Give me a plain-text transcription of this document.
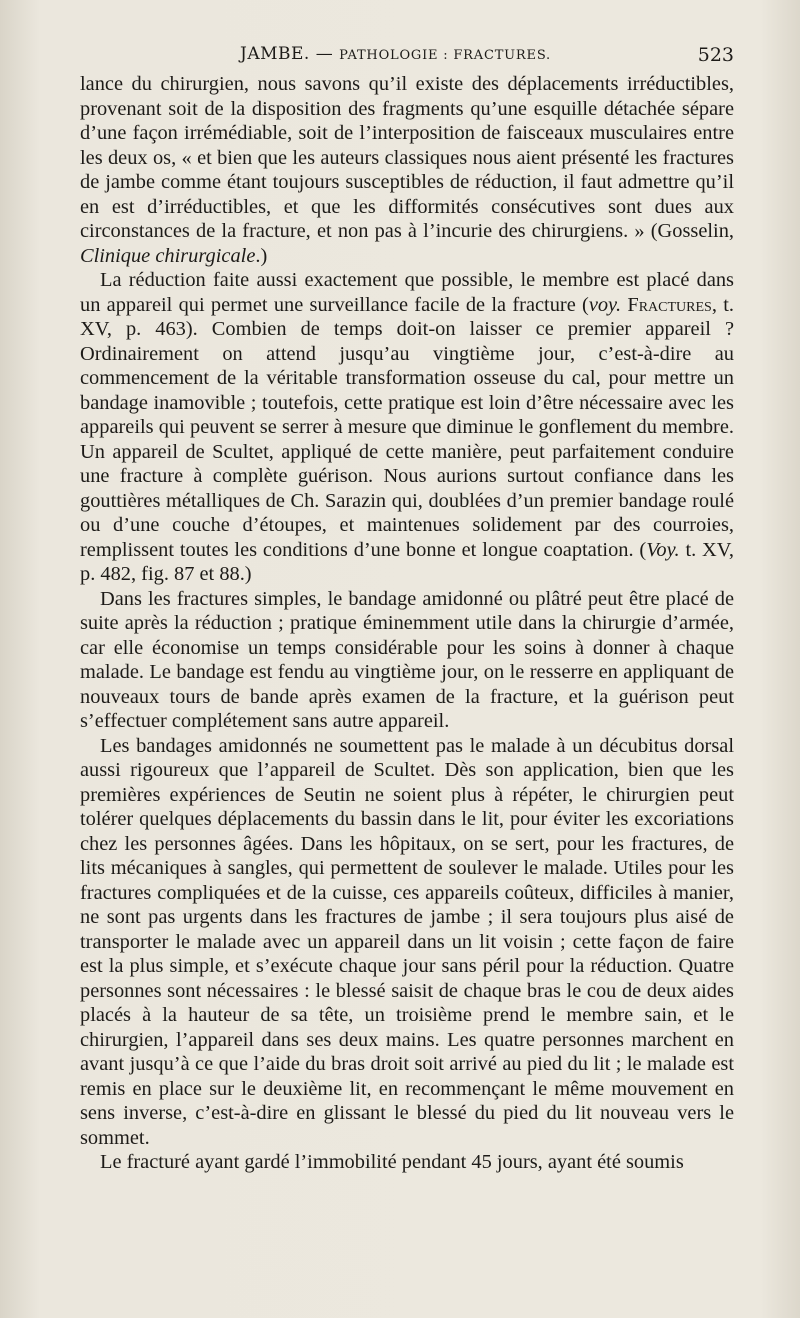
JAMBE. — PATHOLOGIE : FRACTURES.	523

lance du chirurgien, nous savons qu’il existe des déplacements irréductibles, provenant soit de la disposition des fragments qu’une esquille détachée sépare d’une façon irrémédiable, soit de l’interposition de faisceaux musculaires entre les deux os, « et bien que les auteurs classiques nous aient présenté les fractures de jambe comme étant toujours susceptibles de réduction, il faut admettre qu’il en est d’irréductibles, et que les difformités consécutives sont dues aux circonstances de la fracture, et non pas à l’incurie des chirurgiens. » (Gosselin, Clinique chirurgicale.)

La réduction faite aussi exactement que possible, le membre est placé dans un appareil qui permet une surveillance facile de la fracture (voy. Fractures, t. XV, p. 463). Combien de temps doit-on laisser ce premier appareil ? Ordinairement on attend jusqu’au vingtième jour, c’est-à-dire au commencement de la véritable transformation osseuse du cal, pour mettre un bandage inamovible ; toutefois, cette pratique est loin d’être nécessaire avec les appareils qui peuvent se serrer à mesure que diminue le gonflement du membre. Un appareil de Scultet, appliqué de cette manière, peut parfaitement conduire une fracture à complète guérison. Nous aurions surtout confiance dans les gouttières métalliques de Ch. Sarazin qui, doublées d’un premier bandage roulé ou d’une couche d’étoupes, et maintenues solidement par des courroies, remplissent toutes les conditions d’une bonne et longue coaptation. (Voy. t. XV, p. 482, fig. 87 et 88.)

Dans les fractures simples, le bandage amidonné ou plâtré peut être placé de suite après la réduction ; pratique éminemment utile dans la chirurgie d’armée, car elle économise un temps considérable pour les soins à donner à chaque malade. Le bandage est fendu au vingtième jour, on le resserre en appliquant de nouveaux tours de bande après examen de la fracture, et la guérison peut s’effectuer complétement sans autre appareil.

Les bandages amidonnés ne soumettent pas le malade à un décubitus dorsal aussi rigoureux que l’appareil de Scultet. Dès son application, bien que les premières expériences de Seutin ne soient plus à répéter, le chirurgien peut tolérer quelques déplacements du bassin dans le lit, pour éviter les excoriations chez les personnes âgées. Dans les hôpitaux, on se sert, pour les fractures, de lits mécaniques à sangles, qui permettent de soulever le malade. Utiles pour les fractures compliquées et de la cuisse, ces appareils coûteux, difficiles à manier, ne sont pas urgents dans les fractures de jambe ; il sera toujours plus aisé de transporter le malade avec un appareil dans un lit voisin ; cette façon de faire est la plus simple, et s’exécute chaque jour sans péril pour la réduction. Quatre personnes sont nécessaires : le blessé saisit de chaque bras le cou de deux aides placés à la hauteur de sa tête, un troisième prend le membre sain, et le chirurgien, l’appareil dans ses deux mains. Les quatre personnes marchent en avant jusqu’à ce que l’aide du bras droit soit arrivé au pied du lit ; le malade est remis en place sur le deuxième lit, en recommençant le même mouvement en sens inverse, c’est-à-dire en glissant le blessé du pied du lit nouveau vers le sommet.

Le fracturé ayant gardé l’immobilité pendant 45 jours, ayant été soumis
